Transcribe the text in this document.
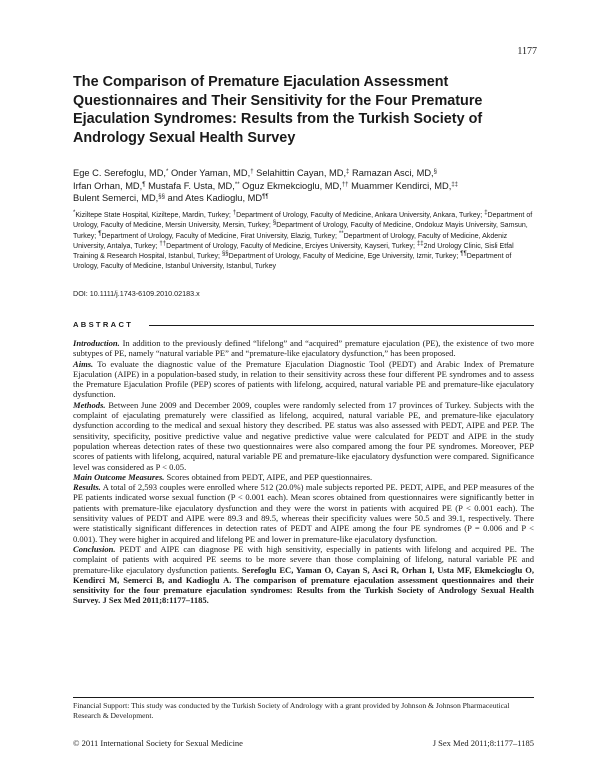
1177
The Comparison of Premature Ejaculation Assessment Questionnaires and Their Sensitivity for the Four Premature Ejaculation Syndromes: Results from the Turkish Society of Andrology Sexual Health Survey
Ege C. Serefoglu, MD,* Onder Yaman, MD,† Selahittin Cayan, MD,‡ Ramazan Asci, MD,§
Irfan Orhan, MD,¶ Mustafa F. Usta, MD,** Oguz Ekmekcioglu, MD,†† Muammer Kendirci, MD,‡‡
Bulent Semerci, MD,§§ and Ates Kadioglu, MD¶¶
*Kiziltepe State Hospital, Kiziltepe, Mardin, Turkey; †Department of Urology, Faculty of Medicine, Ankara University, Ankara, Turkey; ‡Department of Urology, Faculty of Medicine, Mersin University, Mersin, Turkey; §Department of Urology, Faculty of Medicine, Ondokuz Mayis University, Samsun, Turkey; ¶Department of Urology, Faculty of Medicine, Firat University, Elazig, Turkey; **Department of Urology, Faculty of Medicine, Akdeniz University, Antalya, Turkey; ††Department of Urology, Faculty of Medicine, Erciyes University, Kayseri, Turkey; ‡‡2nd Urology Clinic, Sisli Etfal Training & Research Hospital, Istanbul, Turkey; §§Department of Urology, Faculty of Medicine, Ege University, Izmir, Turkey; ¶¶Department of Urology, Faculty of Medicine, Istanbul University, Istanbul, Turkey
DOI: 10.1111/j.1743-6109.2010.02183.x
ABSTRACT

Introduction. In addition to the previously defined “lifelong” and “acquired” premature ejaculation (PE), the existence of two more subtypes of PE, namely “natural variable PE” and “premature-like ejaculatory dysfunction,” has been proposed.

Aims. To evaluate the diagnostic value of the Premature Ejaculation Diagnostic Tool (PEDT) and Arabic Index of Premature Ejaculation (AIPE) in a population-based study, in relation to their sensitivity across these four different PE syndromes and to assess the Premature Ejaculation Profile (PEP) scores of patients with lifelong, acquired, natural variable PE and premature-like ejaculatory dysfunction.

Methods. Between June 2009 and December 2009, couples were randomly selected from 17 provinces of Turkey. Subjects with the complaint of ejaculating prematurely were classified as lifelong, acquired, natural variable PE, and premature-like ejaculatory dysfunction according to the medical and sexual history they described. PE status was also assessed with PEDT, AIPE and PEP. The sensitivity, specificity, positive predictive value and negative predictive value were calculated for PEDT and AIPE in the study population whereas detection rates of these two questionnaires were also compared among the four PE syndromes. Moreover, PEP scores of patients with lifelong, acquired, natural variable PE and premature-like ejaculatory dysfunction were compared. Significance level was considered as P < 0.05.

Main Outcome Measures. Scores obtained from PEDT, AIPE, and PEP questionnaires.

Results. A total of 2,593 couples were enrolled where 512 (20.0%) male subjects reported PE. PEDT, AIPE, and PEP measures of the PE patients indicated worse sexual function (P < 0.001 each). Mean scores obtained from questionnaires were significantly better in patients with premature-like ejaculatory dysfunction and they were the worst in patients with acquired PE (P < 0.001 each). The sensitivity values of PEDT and AIPE were 89.3 and 89.5, whereas their specificity values were 50.5 and 39.1, respectively. There were statistically significant differences in detection rates of PEDT and AIPE among the four PE syndromes (P = 0.006 and P < 0.001). They were higher in acquired and lifelong PE and lower in premature-like ejaculatory dysfunction.

Conclusion. PEDT and AIPE can diagnose PE with high sensitivity, especially in patients with lifelong and acquired PE. The complaint of patients with acquired PE seems to be more severe than those complaining of lifelong, natural variable PE and premature-like ejaculatory dysfunction patients. Serefoglu EC, Yaman O, Cayan S, Asci R, Orhan I, Usta MF, Ekmekcioglu O, Kendirci M, Semerci B, and Kadioglu A. The comparison of premature ejaculation assessment questionnaires and their sensitivity for the four premature ejaculation syndromes: Results from the Turkish Society of Andrology Sexual Health Survey. J Sex Med 2011;8:1177–1185.

Financial Support: This study was conducted by the Turkish Society of Andrology with a grant provided by Johnson & Johnson Pharmaceutical Research & Development.
© 2011 International Society for Sexual Medicine	J Sex Med 2011;8:1177–1185
